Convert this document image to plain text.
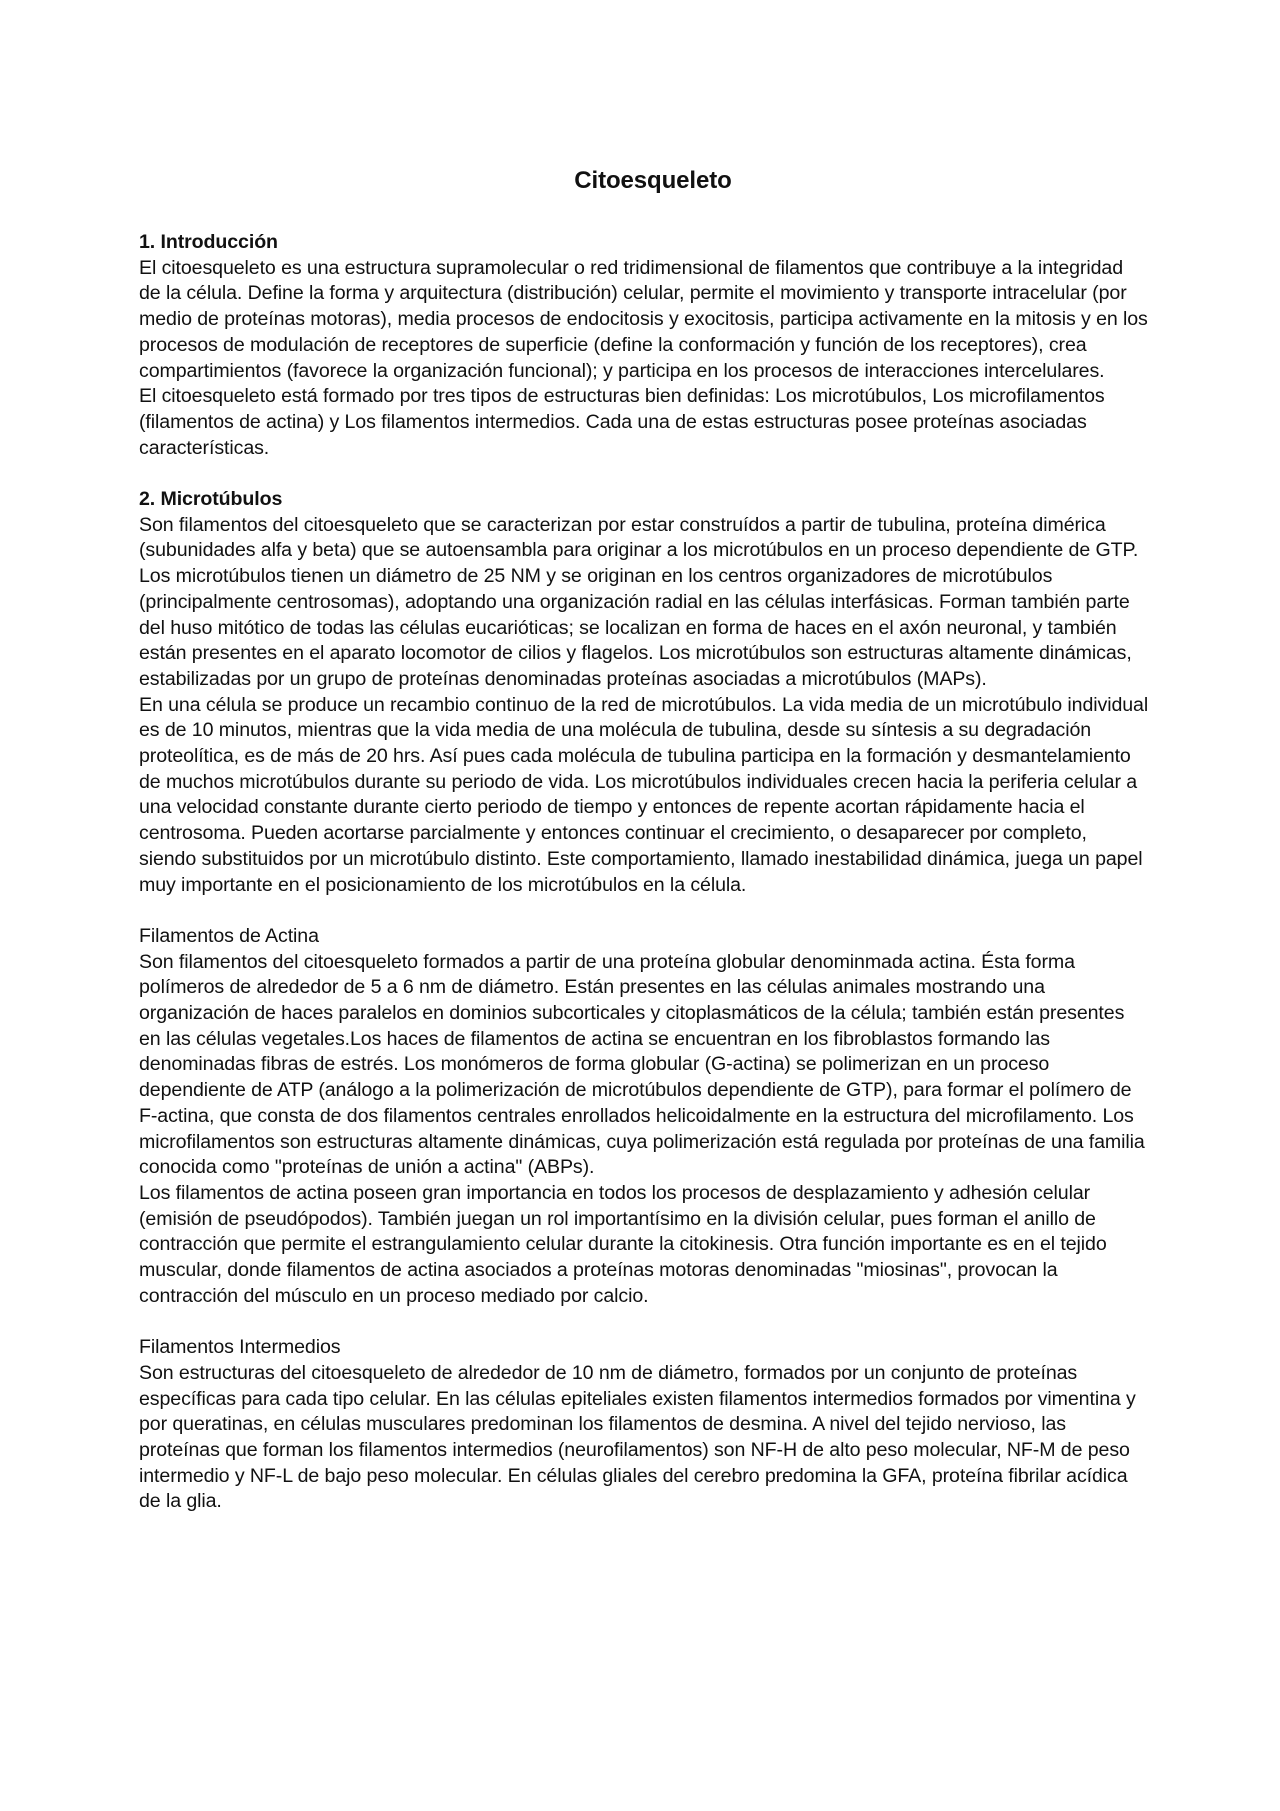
Citoesqueleto
1. Introducción

El citoesqueleto es una estructura supramolecular o red tridimensional de filamentos que contribuye a la integridad de la célula. Define la forma y arquitectura (distribución) celular, permite el movimiento y transporte intracelular (por medio de proteínas motoras), media procesos de endocitosis y exocitosis, participa activamente en la mitosis y en los procesos de modulación de receptores de superficie (define la conformación y función de los receptores), crea compartimientos (favorece la organización funcional); y participa en los procesos de interacciones intercelulares.

El citoesqueleto está formado por tres tipos de estructuras bien definidas: Los microtúbulos, Los microfilamentos (filamentos de actina) y Los filamentos intermedios. Cada una de estas estructuras posee proteínas asociadas características.

2. Microtúbulos

Son filamentos del citoesqueleto que se caracterizan por estar construídos a partir de tubulina, proteína dimérica (subunidades alfa y beta) que se autoensambla para originar a los microtúbulos en un proceso dependiente de GTP. Los microtúbulos tienen un diámetro de 25 NM y se originan en los centros organizadores de microtúbulos (principalmente centrosomas), adoptando una organización radial en las células interfásicas. Forman también parte del huso mitótico de todas las células eucarióticas; se localizan en forma de haces en el axón neuronal, y también están presentes en el aparato locomotor de cilios y flagelos. Los microtúbulos son estructuras altamente dinámicas, estabilizadas por un grupo de proteínas denominadas proteínas asociadas a microtúbulos (MAPs).

En una célula se produce un recambio continuo de la red de microtúbulos. La vida media de un microtúbulo individual es de 10 minutos, mientras que la vida media de una molécula de tubulina, desde su síntesis a su degradación proteolítica, es de más de 20 hrs. Así pues cada molécula de tubulina participa en la formación y desmantelamiento de muchos microtúbulos durante su periodo de vida. Los microtúbulos individuales crecen hacia la periferia celular a una velocidad constante durante cierto periodo de tiempo y entonces de repente acortan rápidamente hacia el centrosoma. Pueden acortarse parcialmente y entonces continuar el crecimiento, o desaparecer por completo, siendo substituidos por un microtúbulo distinto. Este comportamiento, llamado inestabilidad dinámica, juega un papel muy importante en el posicionamiento de los microtúbulos en la célula.

Filamentos de Actina

Son filamentos del citoesqueleto formados a partir de una proteína globular denominmada actina. Ésta forma polímeros de alrededor de 5 a 6 nm de diámetro. Están presentes en las células animales mostrando una organización de haces paralelos en dominios subcorticales y citoplasmáticos de la célula; también están presentes en las células vegetales.Los haces de filamentos de actina se encuentran en los fibroblastos formando las denominadas fibras de estrés. Los monómeros de forma globular (G-actina) se polimerizan en un proceso dependiente de ATP (análogo a la polimerización de microtúbulos dependiente de GTP), para formar el polímero de F-actina, que consta de dos filamentos centrales enrollados helicoidalmente en la estructura del microfilamento. Los microfilamentos son estructuras altamente dinámicas, cuya polimerización está regulada por proteínas de una familia conocida como "proteínas de unión a actina" (ABPs).

Los filamentos de actina poseen gran importancia en todos los procesos de desplazamiento y adhesión celular (emisión de pseudópodos). También juegan un rol importantísimo en la división celular, pues forman el anillo de contracción que permite el estrangulamiento celular durante la citokinesis. Otra función importante es en el tejido muscular, donde filamentos de actina asociados a proteínas motoras denominadas "miosinas", provocan la contracción del músculo en un proceso mediado por calcio.

Filamentos Intermedios

Son estructuras del citoesqueleto de alrededor de 10 nm de diámetro, formados por un conjunto de proteínas específicas para cada tipo celular. En las células epiteliales existen filamentos intermedios formados por vimentina y por queratinas, en células musculares predominan los filamentos de desmina. A nivel del tejido nervioso, las proteínas que forman los filamentos intermedios (neurofilamentos) son NF-H de alto peso molecular, NF-M de peso intermedio y NF-L de bajo peso molecular. En células gliales del cerebro predomina la GFA, proteína fibrilar acídica de la glia.
